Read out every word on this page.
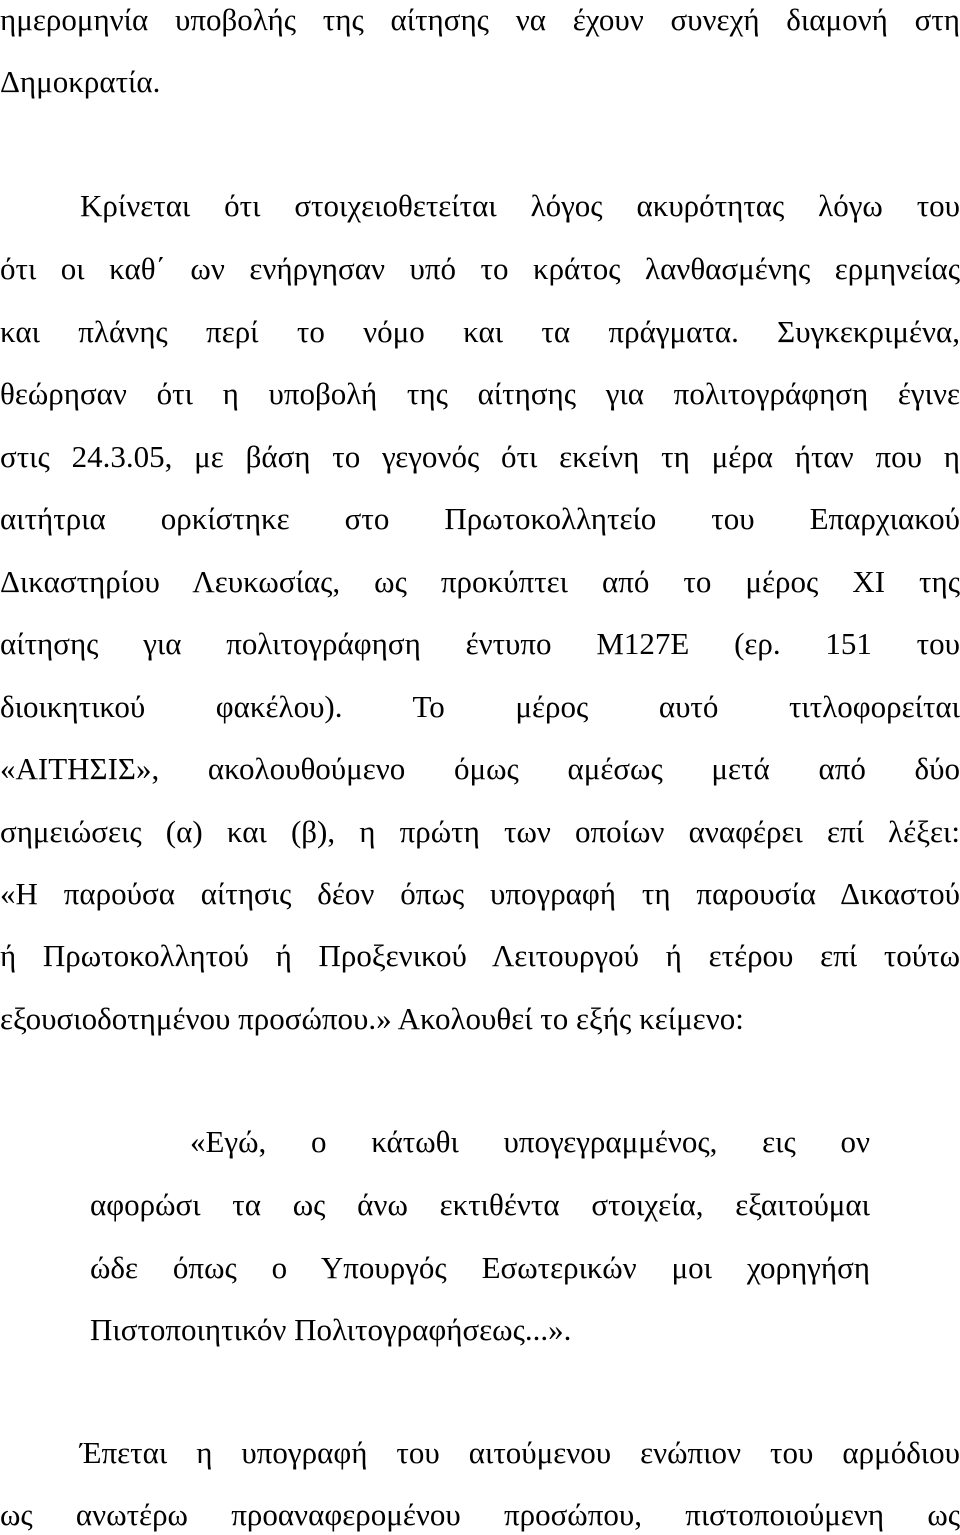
ημερομηνία υποβολής της αίτησης να έχουν συνεχή διαμονή στη
Δημοκρατία.
Κρίνεται ότι στοιχειοθετείται λόγος ακυρότητας λόγω του
ότι οι καθ΄ ων ενήργησαν υπό το κράτος λανθασμένης ερμηνείας
και πλάνης περί το νόμο και τα πράγματα. Συγκεκριμένα,
θεώρησαν ότι η υποβολή της αίτησης για πολιτογράφηση έγινε
στις 24.3.05, με βάση το γεγονός ότι εκείνη τη μέρα ήταν που η
αιτήτρια ορκίστηκε στο Πρωτοκολλητείο του Επαρχιακού
Δικαστηρίου Λευκωσίας, ως προκύπτει από το μέρος XI της
αίτησης για πολιτογράφηση έντυπο Μ127Ε (ερ. 151 του
διοικητικού φακέλου). Το μέρος αυτό τιτλοφορείται
«ΑΙΤΗΣΙΣ», ακολουθούμενο όμως αμέσως μετά από δύο
σημειώσεις (α) και (β), η πρώτη των οποίων αναφέρει επί λέξει:
«Η παρούσα αίτησις δέον όπως υπογραφή τη παρουσία Δικαστού
ή Πρωτοκολλητού ή Προξενικού Λειτουργού ή ετέρου επί τούτω
εξουσιοδοτημένου προσώπου.» Ακολουθεί το εξής κείμενο:
«Εγώ, ο κάτωθι υπογεγραμμένος, εις ον
αφορώσι τα ως άνω εκτιθέντα στοιχεία, εξαιτούμαι
ώδε όπως ο Υπουργός Εσωτερικών μοι χορηγήση
Πιστοποιητικόν Πολιτογραφήσεως...».
Έπεται η υπογραφή του αιτούμενου ενώπιον του αρμόδιου
ως ανωτέρω προαναφερομένου προσώπου, πιστοποιούμενη ως
